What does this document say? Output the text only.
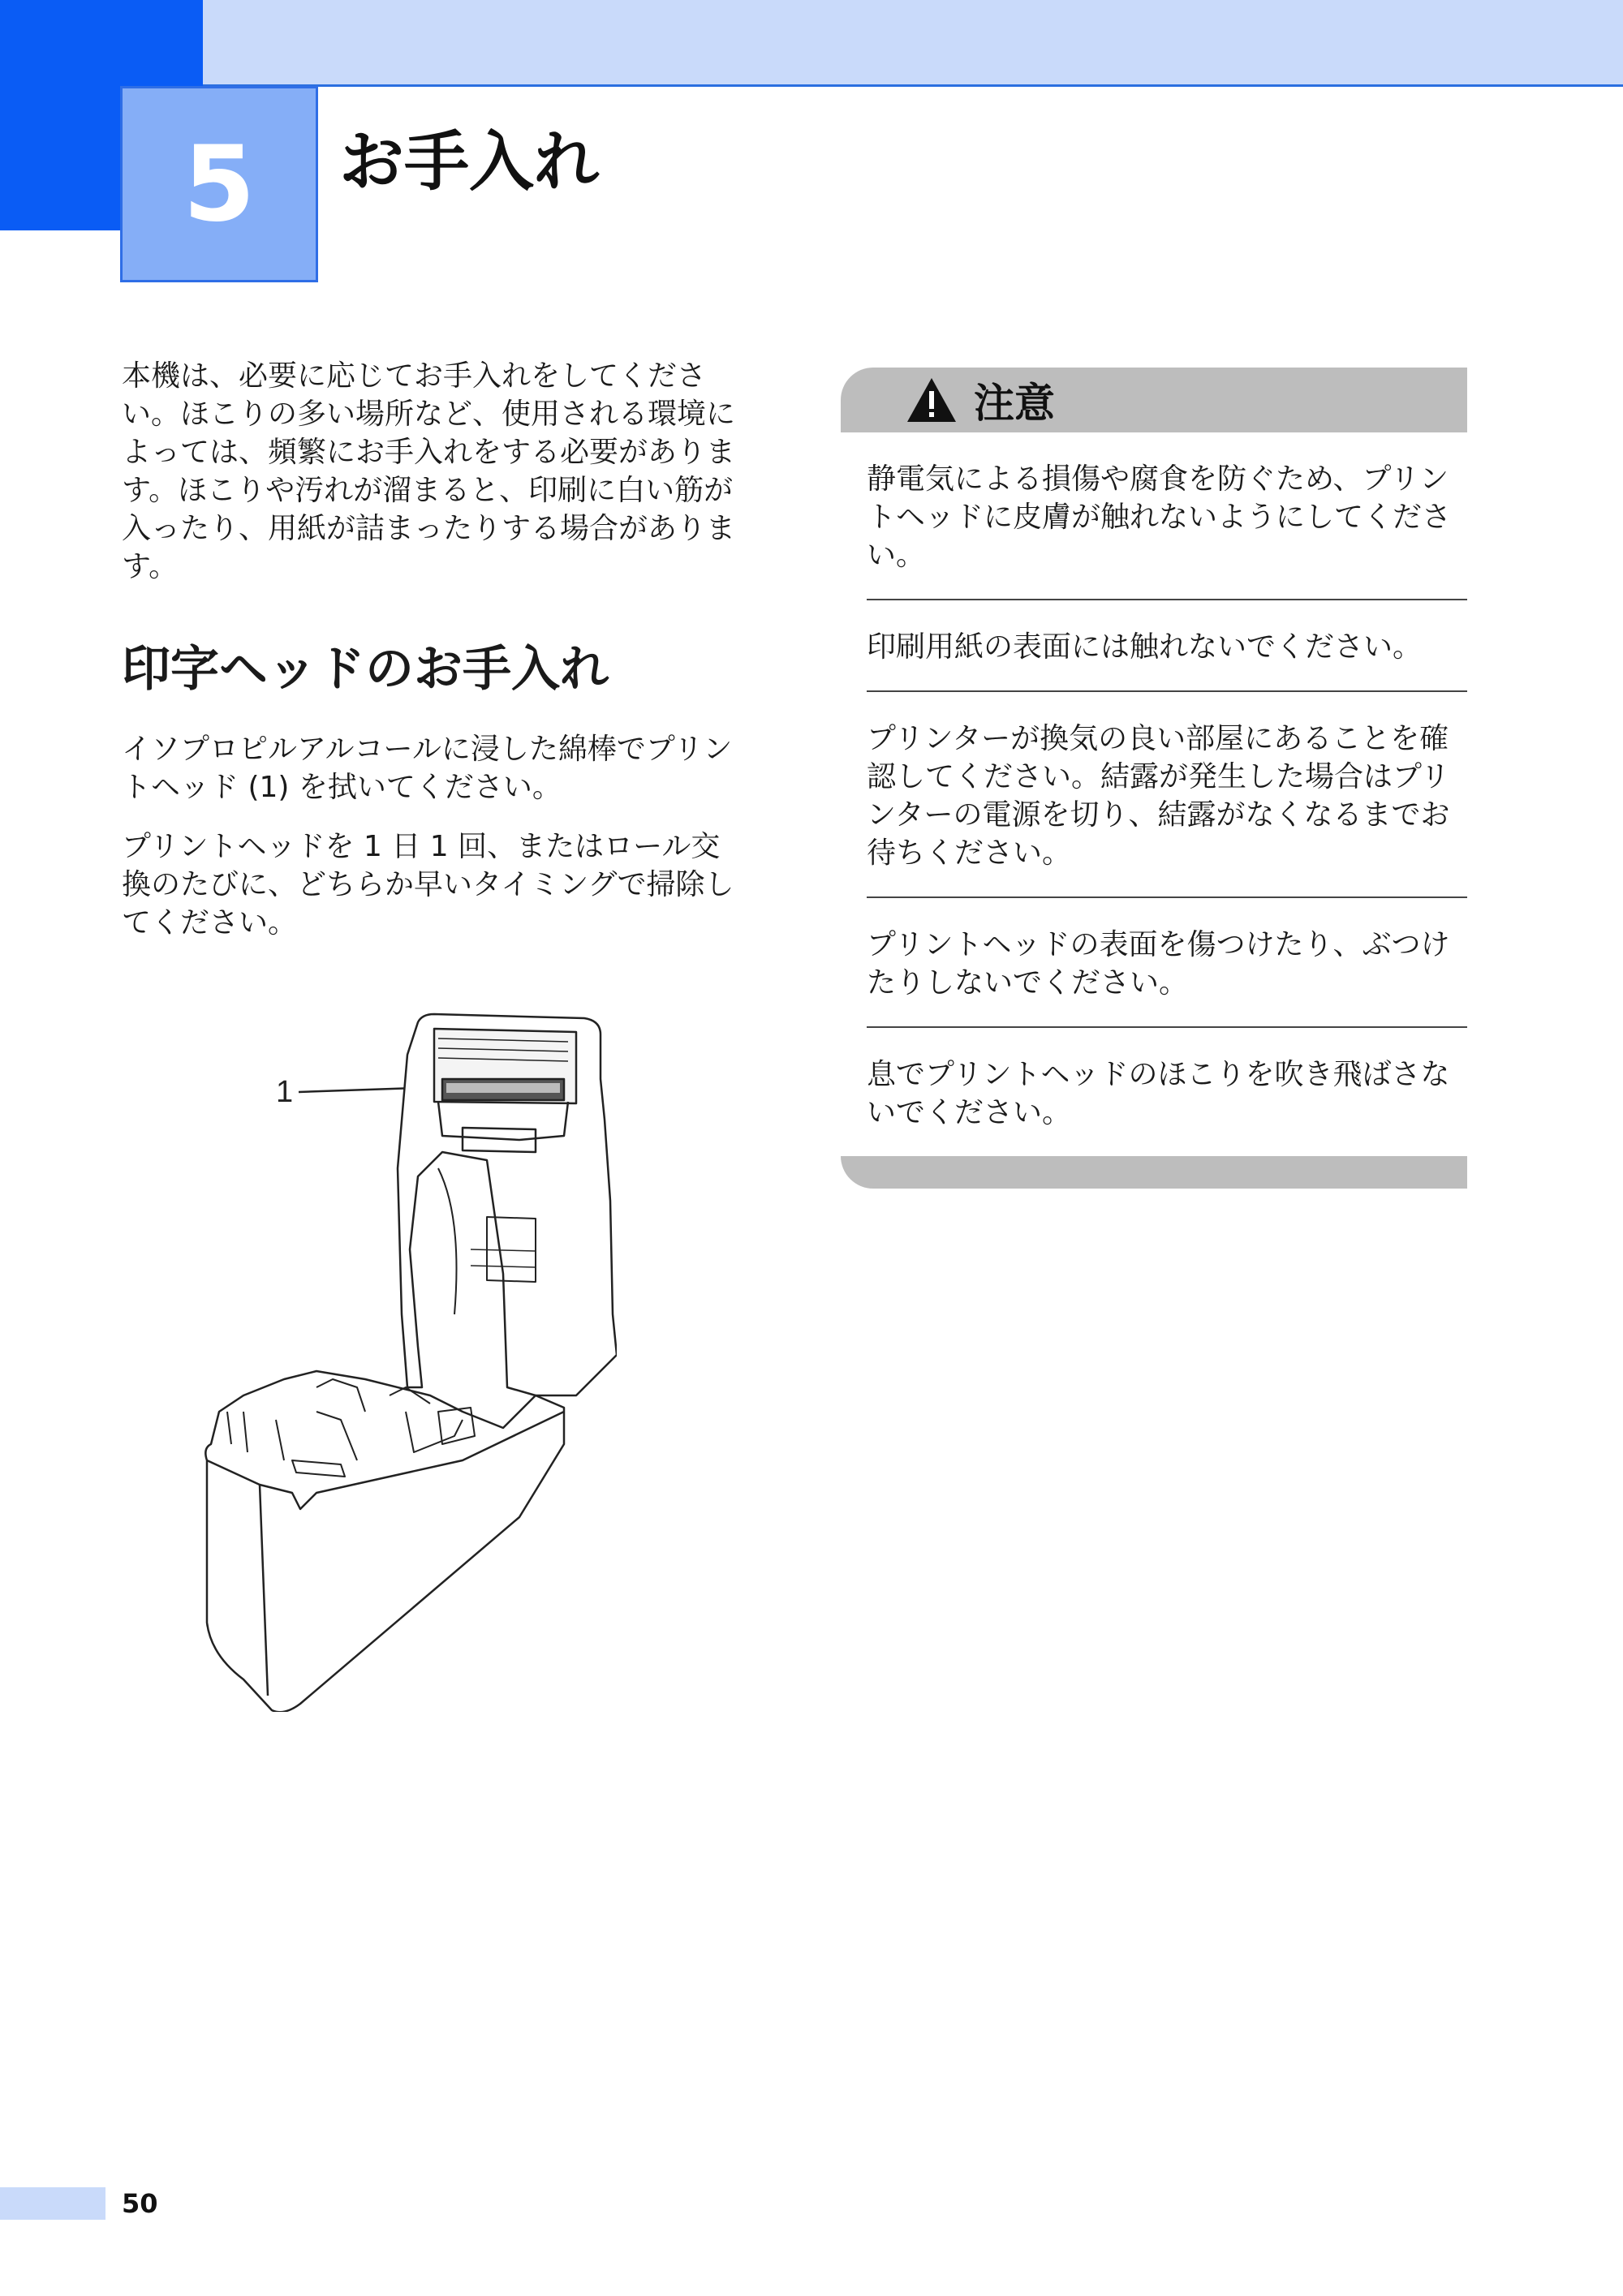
5	お手入れ

本機は、必要に応じてお手入れをしてください。ほこりの多い場所など、使用される環境によっては、頻繁にお手入れをする必要があります。ほこりや汚れが溜まると、印刷に白い筋が入ったり、用紙が詰まったりする場合があります。

印字ヘッドのお手入れ

イソプロピルアルコールに浸した綿棒でプリントヘッド (1) を拭いてください。

プリントヘッドを 1 日 1 回、またはロール交換のたびに、どちらか早いタイミングで掃除してください。

1
注意
静電気による損傷や腐食を防ぐため、プリントヘッドに皮膚が触れないようにしてください。
印刷用紙の表面には触れないでください。
プリンターが換気の良い部屋にあることを確認してください。結露が発生した場合はプリンターの電源を切り、結露がなくなるまでお待ちください。
プリントヘッドの表面を傷つけたり、ぶつけたりしないでください。
息でプリントヘッドのほこりを吹き飛ばさないでください。
50
